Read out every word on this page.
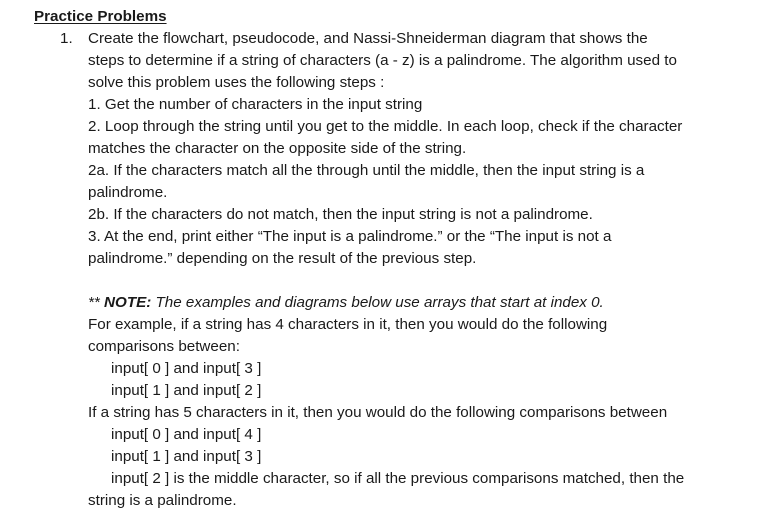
Practice Problems
1. Create the flowchart, pseudocode, and Nassi-Shneiderman diagram that shows the
steps to determine if a string of characters (a - z) is a palindrome. The algorithm used to
solve this problem uses the following steps :
1. Get the number of characters in the input string
2. Loop through the string until you get to the middle. In each loop, check if the character
matches the character on the opposite side of the string.
2a. If the characters match all the through until the middle, then the input string is a
palindrome.
2b. If the characters do not match, then the input string is not a palindrome.
3. At the end, print either “The input is a palindrome.” or the “The input is not a
palindrome.” depending on the result of the previous step.
** NOTE: The examples and diagrams below use arrays that start at index 0.
For example, if a string has 4 characters in it, then you would do the following
comparisons between:
input[ 0 ] and input[ 3 ]
input[ 1 ] and input[ 2 ]
If a string has 5 characters in it, then you would do the following comparisons between
input[ 0 ] and input[ 4 ]
input[ 1 ] and input[ 3 ]
input[ 2 ] is the middle character, so if all the previous comparisons matched, then the
string is a palindrome.
